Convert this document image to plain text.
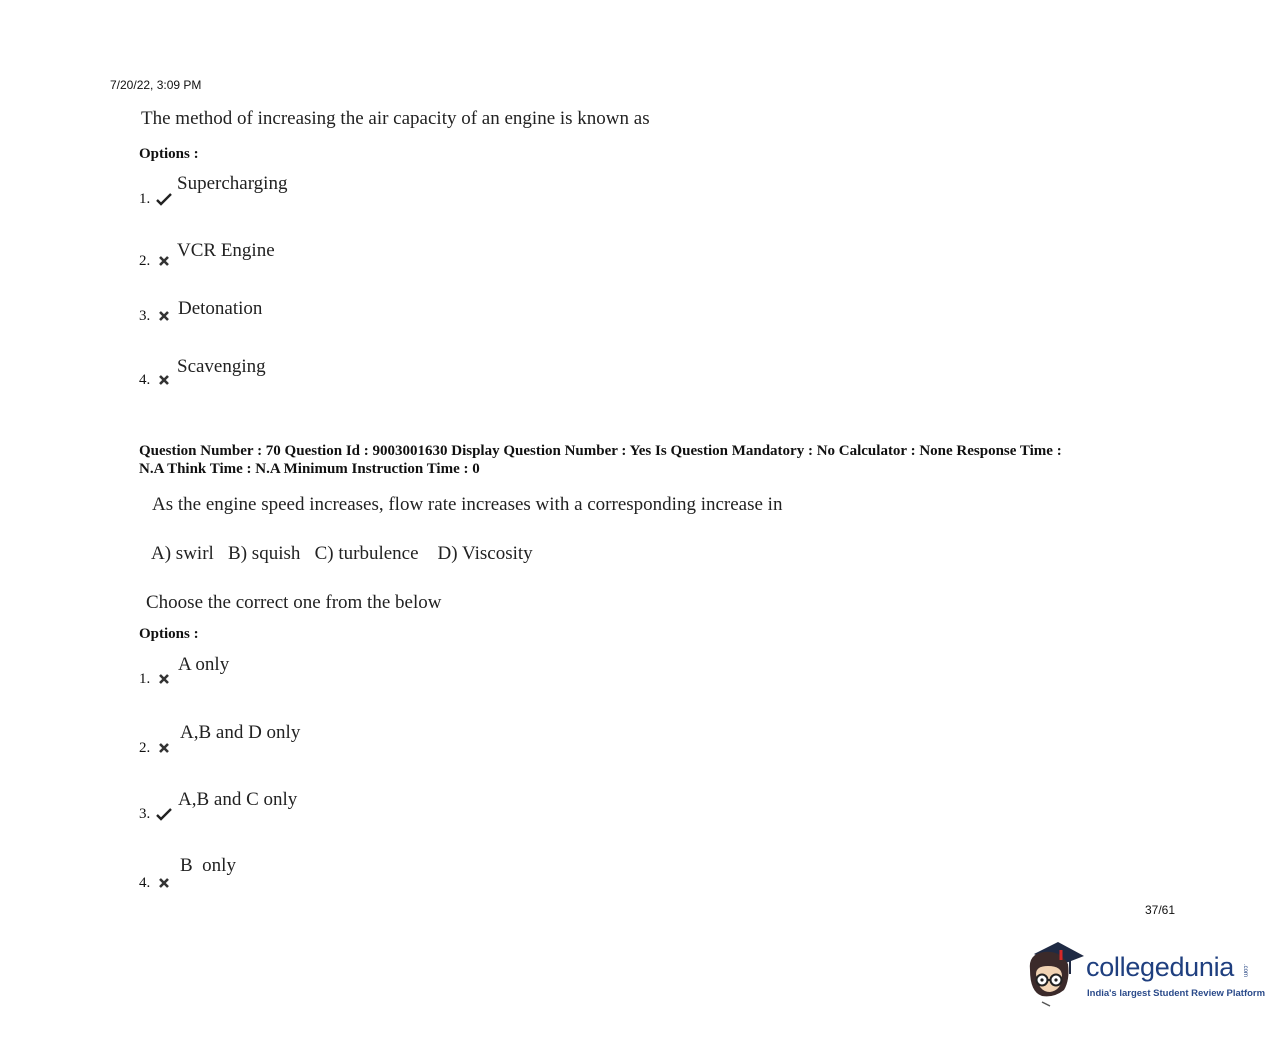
7/20/22, 3:09 PM
The method of increasing the air capacity of an engine is known as
Options :
1.
Supercharging
2.	VCR Engine
3.	Detonation
4.
Scavenging
Question Number : 70 Question Id : 9003001630 Display Question Number : Yes Is Question Mandatory : No Calculator : None Response Time :
N.A Think Time : N.A Minimum Instruction Time : 0
As the engine speed increases, flow rate increases with a corresponding increase in
A) swirl   B) squish   C) turbulence    D) Viscosity
Choose the correct one from the below
Options :
1.
A only
2.
A,B and D only
3.
A,B and C only
4.
B  only
37/61
collegedunia .com
India's largest Student Review Platform
